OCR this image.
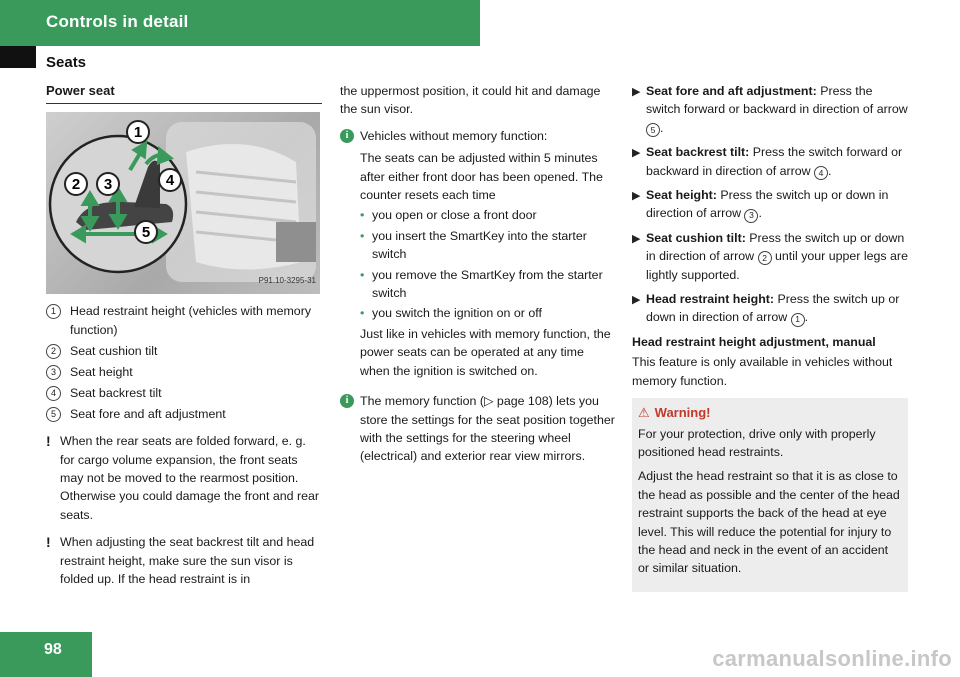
Controls in detail
Seats
Power seat
1
2 3	4
5
P91.10-3295-31
1	Head restraint height (vehicles with memory function)
2	Seat cushion tilt
3	Seat height
4	Seat backrest tilt
5	Seat fore and aft adjustment
! When the rear seats are folded forward, e. g. for cargo volume expansion, the front seats may not be moved to the rearmost position. Otherwise you could damage the front and rear seats.
! When adjusting the seat backrest tilt and head restraint height, make sure the sun visor is folded up. If the head restraint is in
the uppermost position, it could hit and damage the sun visor.
i Vehicles without memory function:
The seats can be adjusted within 5 minutes after either front door has been opened. The counter resets each time
• you open or close a front door
• you insert the SmartKey into the starter switch
• you remove the SmartKey from the starter switch
• you switch the ignition on or off
Just like in vehicles with memory function, the power seats can be operated at any time when the ignition is switched on.
i The memory function (▷ page 108) lets you store the settings for the seat position together with the settings for the steering wheel (electrical) and exterior rear view mirrors.
▶ Seat fore and aft adjustment: Press the switch forward or backward in direction of arrow 5 .
▶ Seat backrest tilt: Press the switch forward or backward in direction of arrow 4 .
▶ Seat height: Press the switch up or down in direction of arrow 3 .
▶ Seat cushion tilt: Press the switch up or down in direction of arrow 2 until your upper legs are lightly supported.
▶ Head restraint height: Press the switch up or down in direction of arrow 1 .
Head restraint height adjustment, manual
This feature is only available in vehicles without memory function.
⚠ Warning!

For your protection, drive only with properly positioned head restraints.

Adjust the head restraint so that it is as close to the head as possible and the center of the head restraint supports the back of the head at eye level. This will reduce the potential for injury to the head and neck in the event of an accident or similar situation.

98	carmanualsonline.info
